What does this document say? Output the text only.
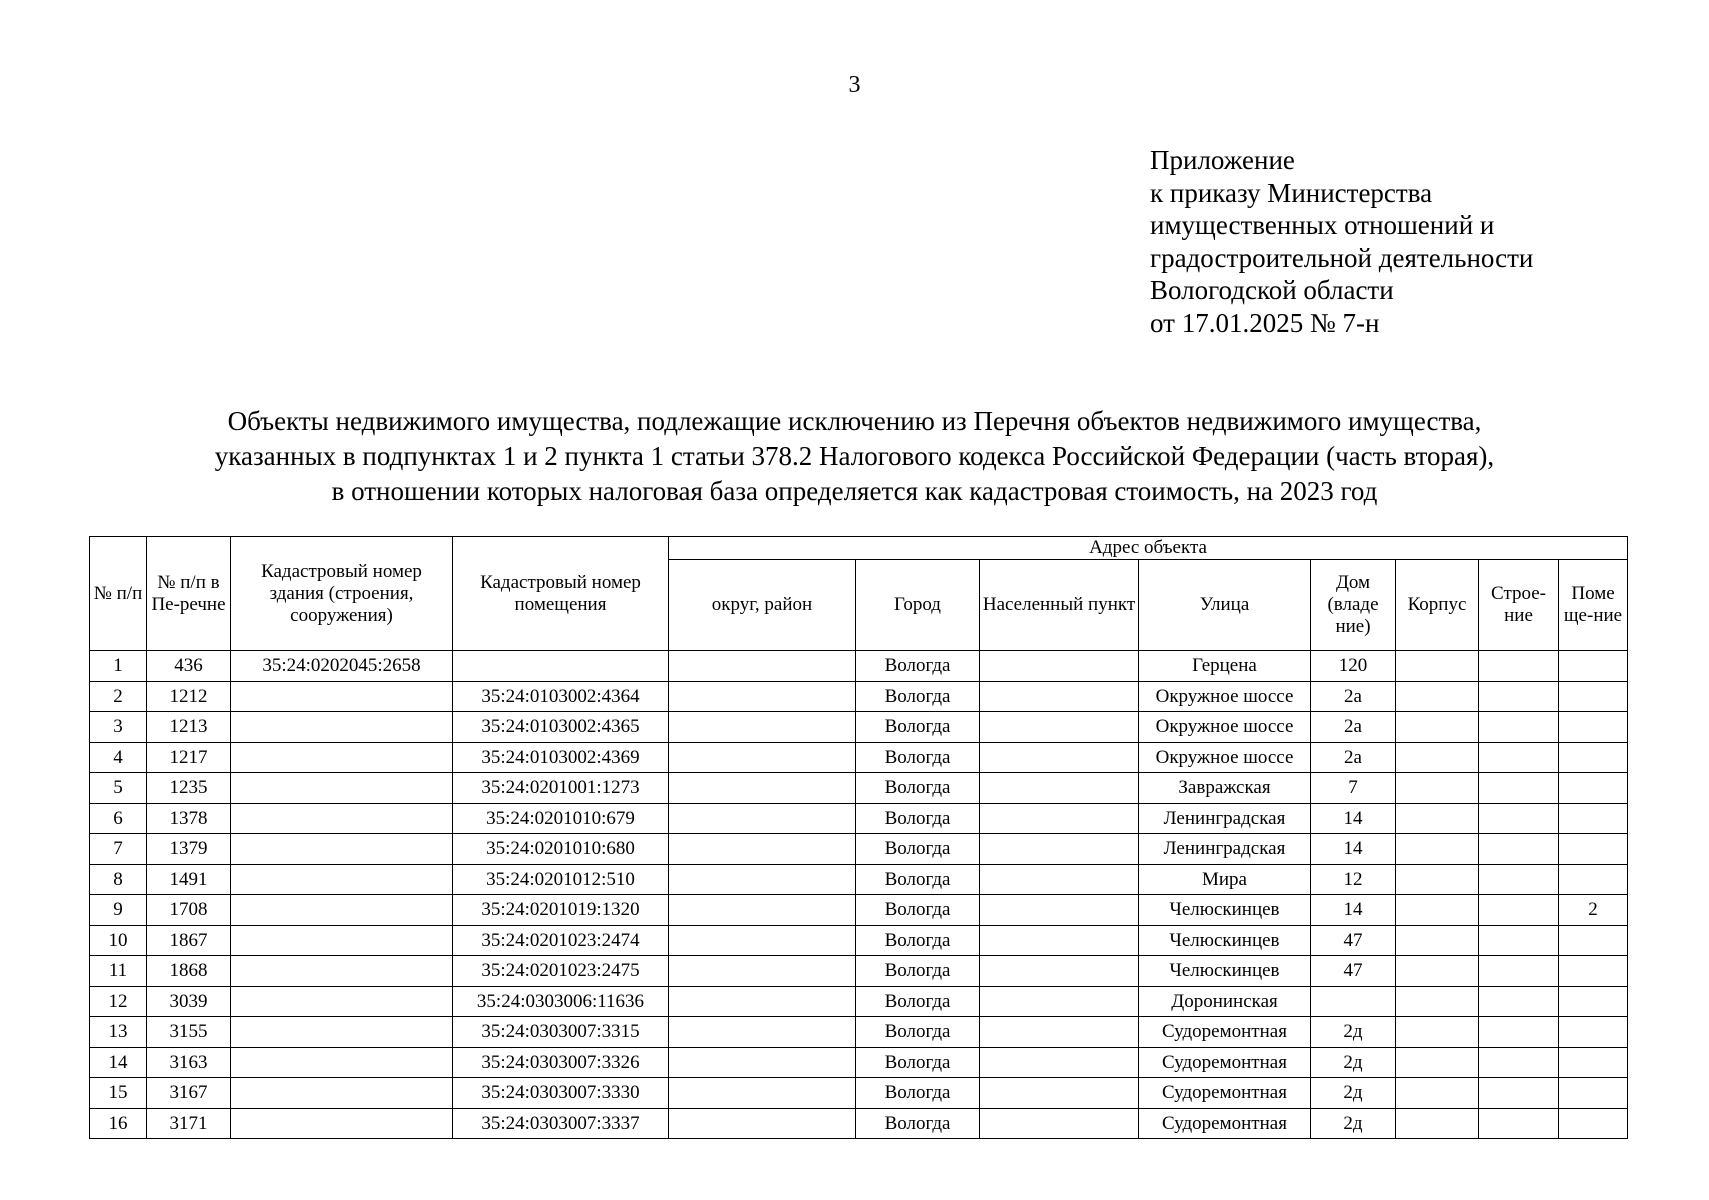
3
Приложение
к приказу Министерства
имущественных отношений и
градостроительной деятельности
Вологодской области
от 17.01.2025 № 7-н
Объекты недвижимого имущества, подлежащие исключению из Перечня объектов недвижимого имущества,
указанных в подпунктах 1 и 2 пункта 1 статьи 378.2 Налогового кодекса Российской Федерации (часть вторая),
в отношении которых налоговая база определяется как кадастровая стоимость, на 2023 год
№ п/п	№ п/п в Пе-речне	Кадастровый номер здания (строения, сооружения)	Кадастровый номер помещения	Адрес объекта							
				округ, район	Город	Населенный пункт	Улица	Дом (владе ние)	Корпус	Строе-ние	Поме ще-ние
1	436	35:24:0202045:2658			Вологда		Герцена	120			
2	1212		35:24:0103002:4364		Вологда		Окружное шоссе	2а			
3	1213		35:24:0103002:4365		Вологда		Окружное шоссе	2а			
4	1217		35:24:0103002:4369		Вологда		Окружное шоссе	2а			
5	1235		35:24:0201001:1273		Вологда		Завражская	7			
6	1378		35:24:0201010:679		Вологда		Ленинградская	14			
7	1379		35:24:0201010:680		Вологда		Ленинградская	14			
8	1491		35:24:0201012:510		Вологда		Мира	12			
9	1708		35:24:0201019:1320		Вологда		Челюскинцев	14			2
10	1867		35:24:0201023:2474		Вологда		Челюскинцев	47			
11	1868		35:24:0201023:2475		Вологда		Челюскинцев	47			
12	3039		35:24:0303006:11636		Вологда		Доронинская				
13	3155		35:24:0303007:3315		Вологда		Судоремонтная	2д			
14	3163		35:24:0303007:3326		Вологда		Судоремонтная	2д			
15	3167		35:24:0303007:3330		Вологда		Судоремонтная	2д			
16	3171		35:24:0303007:3337		Вологда		Судоремонтная	2д			
